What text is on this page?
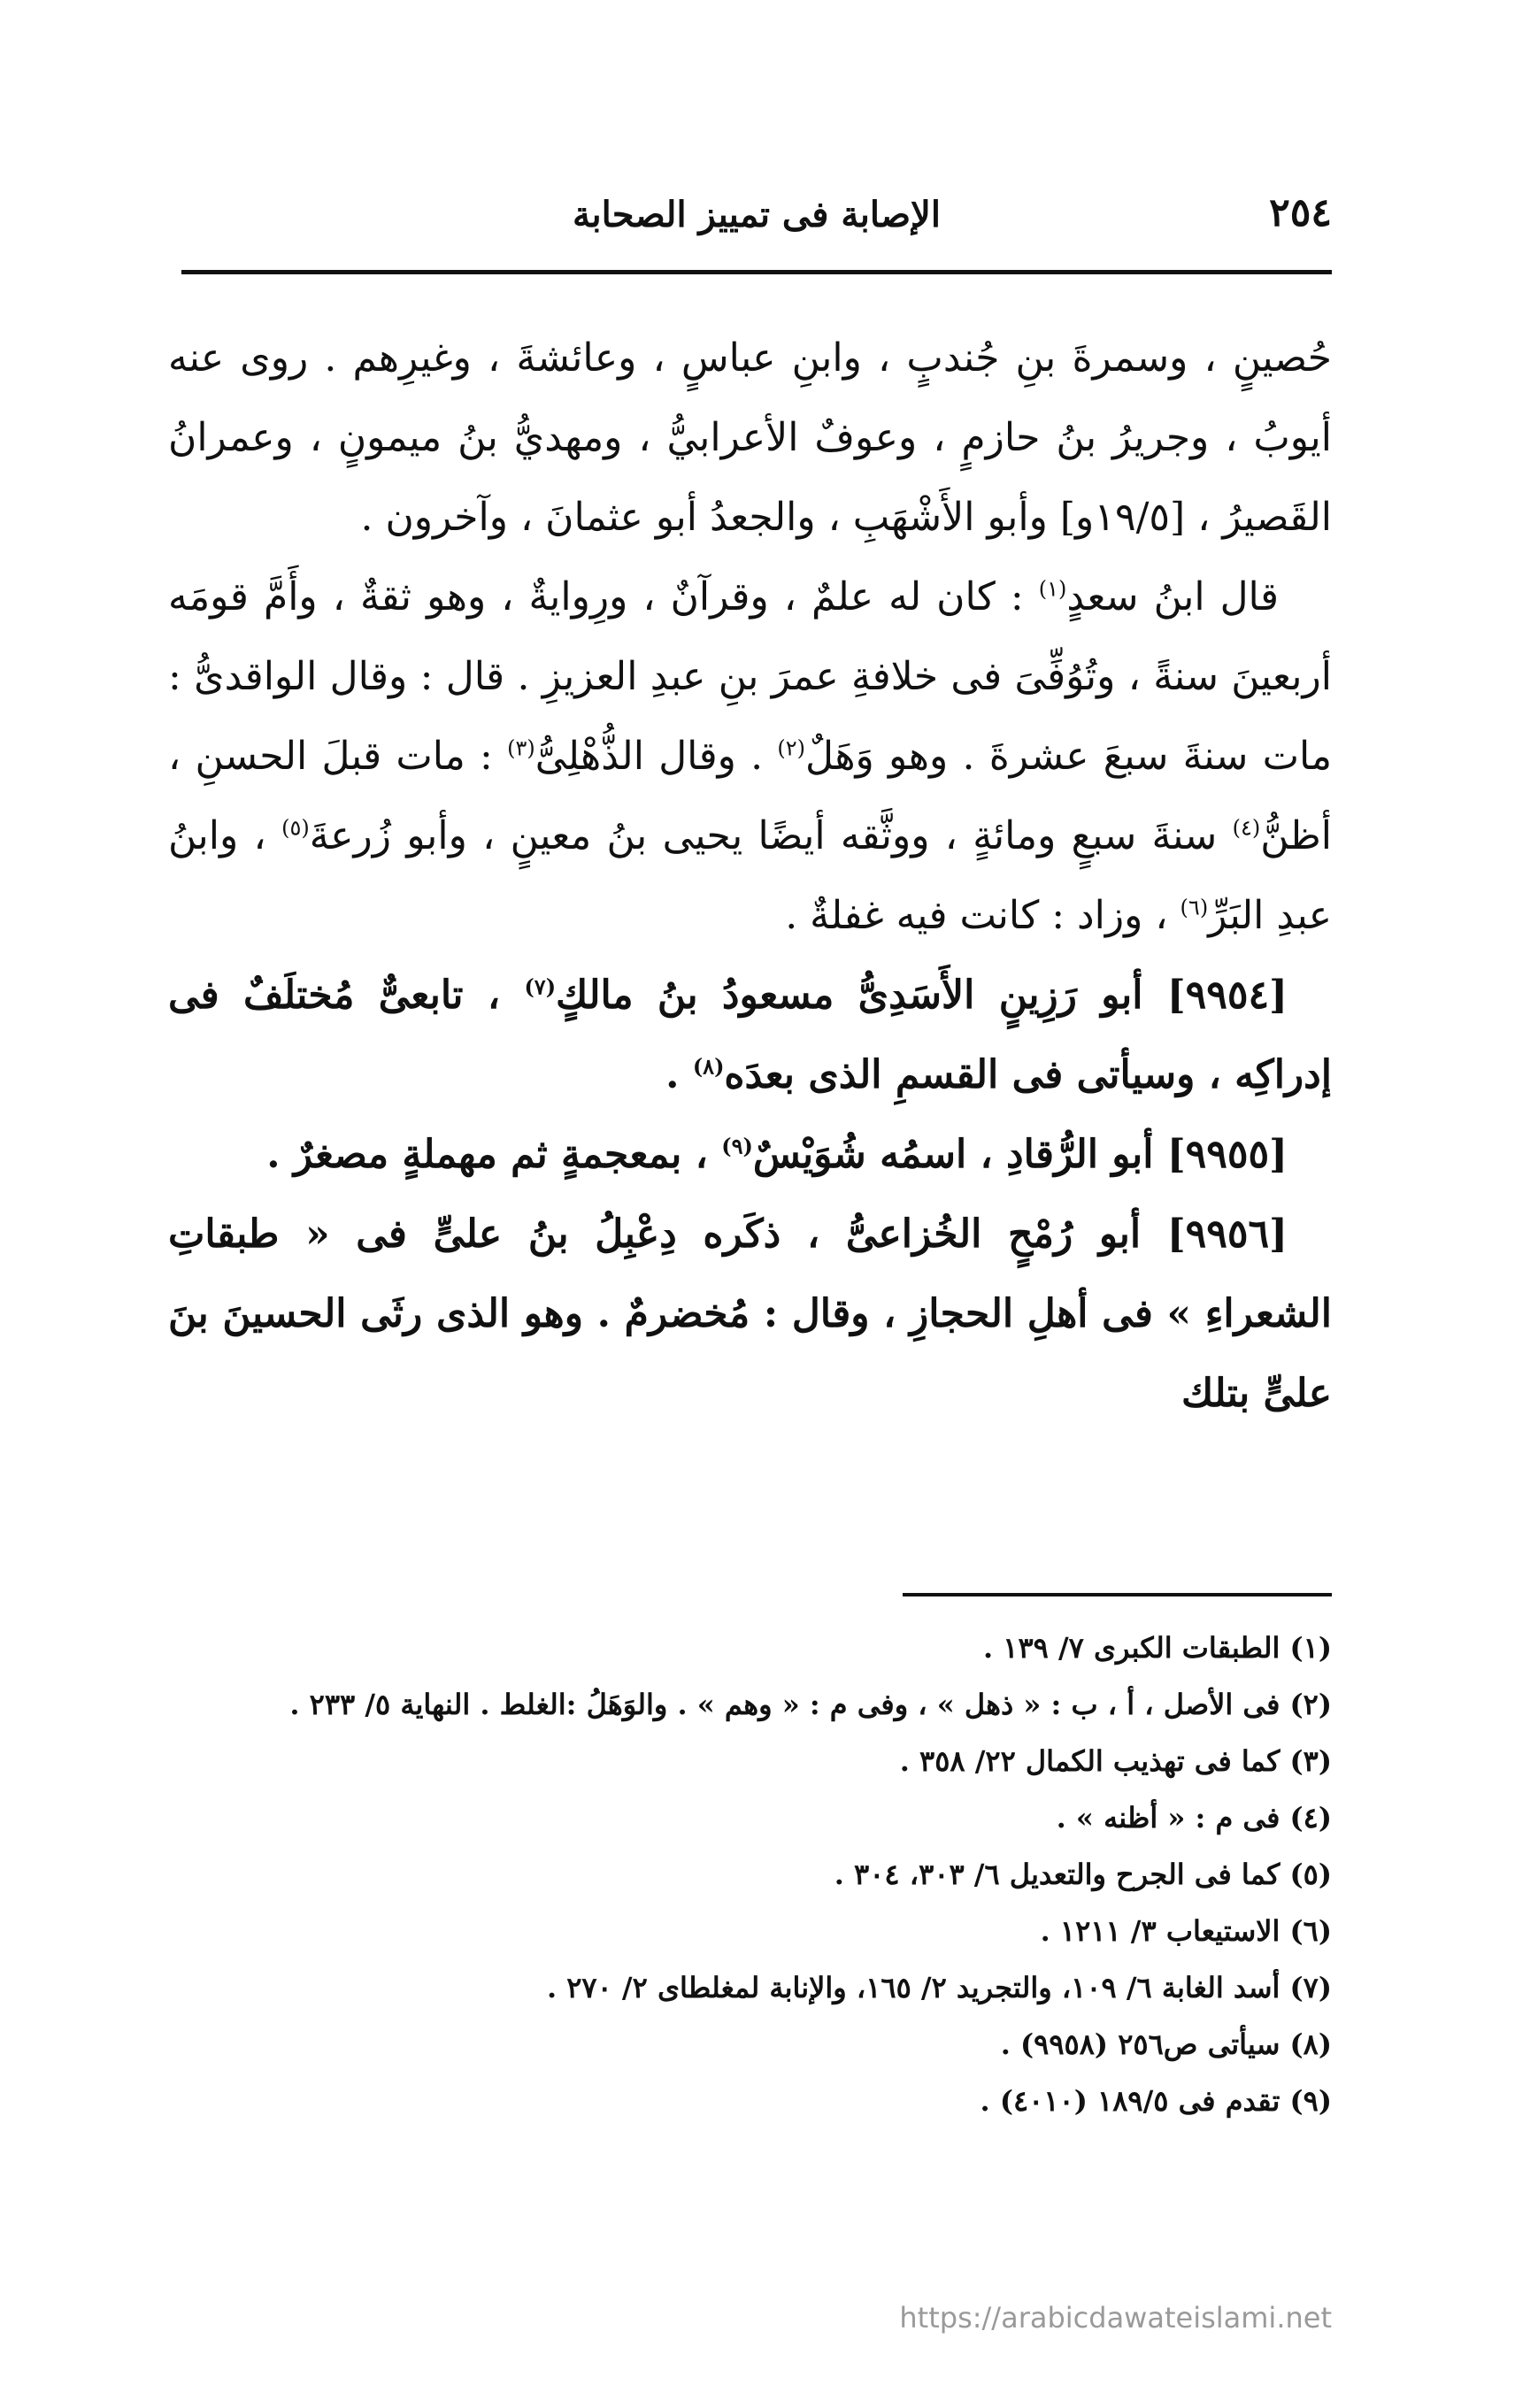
٢٥٤
الإصابة فى تمييز الصحابة

حُصينٍ ، وسمرةَ بنِ جُندبٍ ، وابنِ عباسٍ ، وعائشةَ ، وغيرِهم . روى عنه أيوبُ ، وجريرُ بنُ حازمٍ ، وعوفٌ الأعرابيُّ ، ومهديُّ بنُ ميمونٍ ، وعمرانُ القَصيرُ ، [١٩/٥و] وأبو الأَشْهَبِ ، والجعدُ أبو عثمانَ ، وآخرون .

قال ابنُ سعدٍ$^{(١)}$ : كان له علمٌ ، وقرآنٌ ، ورِوايةٌ ، وهو ثقةٌ ، وأَمَّ قومَه أربعينَ سنةً ، وتُوُفِّىَ فى خلافةِ عمرَ بنِ عبدِ العزيزِ . قال : وقال الواقدىُّ : مات سنةَ سبعَ عشرةَ . وهو وَهَلٌ$^{(٢)}$ . وقال الذُّهْلِىُّ$^{(٣)}$ : مات قبلَ الحسنِ ، أظنُّ$^{(٤)}$ سنةَ سبعٍ ومائةٍ ، ووثَّقه أيضًا يحيى بنُ معينٍ ، وأبو زُرعةَ$^{(٥)}$ ، وابنُ عبدِ البَرِّ$^{(٦)}$ ، وزاد : كانت فيه غفلةٌ .

[٩٩٥٤] أبو رَزِينٍ الأَسَدِىُّ مسعودُ بنُ مالكٍ$^{(٧)}$ ، تابعىٌّ مُختلَفٌ فى إدراكِه ، وسيأتى فى القسمِ الذى بعدَه$^{(٨)}$ .

[٩٩٥٥] أبو الرُّقادِ ، اسمُه شُوَيْسٌ$^{(٩)}$ ، بمعجمةٍ ثم مهملةٍ مصغرٌ .

[٩٩٥٦] أبو رُمْحٍ الخُزاعىُّ ، ذكَره دِعْبِلُ بنُ علىٍّ فى « طبقاتِ الشعراءِ » فى أهلِ الحجازِ ، وقال : مُخضرمٌ . وهو الذى رثَى الحسينَ بنَ علىٍّ بتلك

(١) الطبقات الكبرى ٧/ ١٣٩ .
(٢) فى الأصل ، أ ، ب : « ذهل » ، وفى م : « وهم » . والوَهَلُ :الغلط . النهاية ٥/ ٢٣٣ .
(٣) كما فى تهذيب الكمال ٢٢/ ٣٥٨ .
(٤) فى م : « أظنه » .
(٥) كما فى الجرح والتعديل ٦/ ٣٠٣، ٣٠٤ .
(٦) الاستيعاب ٣/ ١٢١١ .
(٧) أسد الغابة ٦/ ١٠٩، والتجريد ٢/ ١٦٥، والإنابة لمغلطاى ٢/ ٢٧٠ .
(٨) سيأتى ص٢٥٦ (٩٩٥٨) .
(٩) تقدم فى ١٨٩/٥ (٤٠١٠) .
https://arabicdawateislami.net
